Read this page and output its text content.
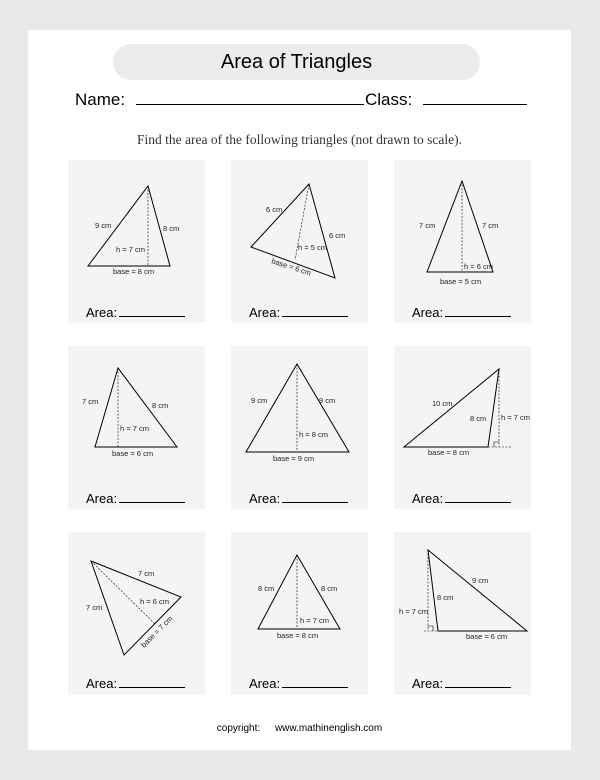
Area of Triangles
Name:	Class:
Find the area of the following triangles (not drawn to scale).
9 cm	8 cm
h = 7 cm
base = 8 cm
Area:
6 cm
6 cm
h = 5 cm
base = 6 cm
Area:
7 cm	7 cm
h = 6 cm
base = 5 cm
Area:
7 cm	8 cm
h = 7 cm
base = 6 cm
Area:
9 cm	9 cm
h = 8 cm
base = 9 cm
Area:
10 cm
8 cm h = 7 cm
base = 8 cm
Area:
7 cm
7 cm
h = 6 cm
base = 7 cm
Area:
8 cm	8 cm
h = 7 cm
base = 8 cm
Area:
9 cm
8 cm
h = 7 cm
base = 6 cm
Area:
copyright: www.mathinenglish.com
